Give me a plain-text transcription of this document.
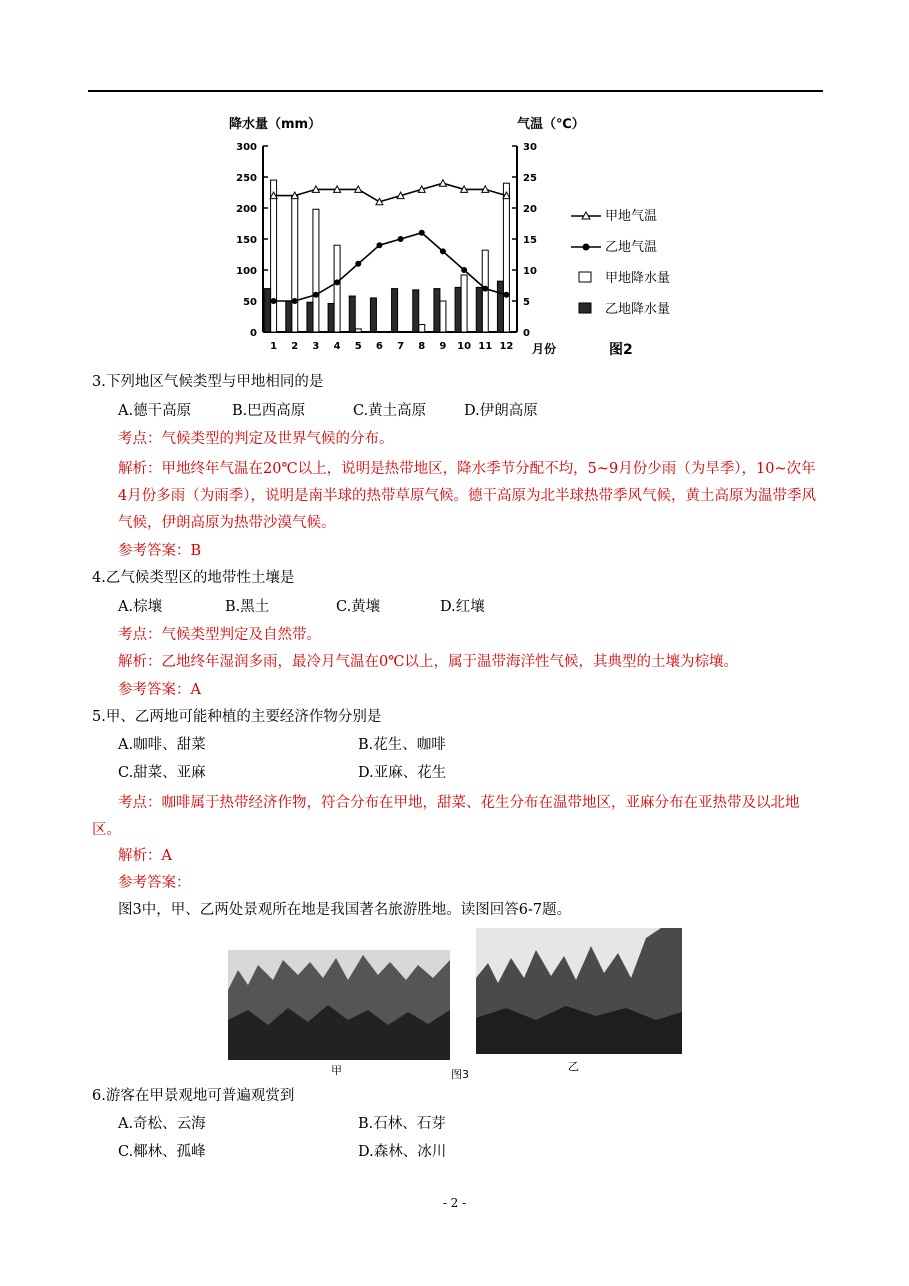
降水量（mm）	气温（℃）
月份	图2
0
50
100
150
200
250
300
0
5
10
15
20
25
30
1 2 3 4 5 6 7 8 9 10 11 12
甲地气温
乙地气温
甲地降水量
乙地降水量
3.下列地区气候类型与甲地相同的是
A.德干高原	B.巴西高原	C.黄土高原	D.伊朗高原
考点：气候类型的判定及世界气候的分布。
解析：甲地终年气温在20℃以上，说明是热带地区，降水季节分配不均，5~9月份少雨（为旱季），10~次年4月份多雨（为雨季），说明是南半球的热带草原气候。德干高原为北半球热带季风气候，黄土高原为温带季风气候，伊朗高原为热带沙漠气候。
参考答案：B
4.乙气候类型区的地带性土壤是
A.棕壤	B.黑土	C.黄壤	D.红壤
考点：气候类型判定及自然带。
解析：乙地终年湿润多雨，最冷月气温在0℃以上，属于温带海洋性气候，其典型的土壤为棕壤。
参考答案：A
5.甲、乙两地可能种植的主要经济作物分别是
A.咖啡、甜菜	B.花生、咖啡
C.甜菜、亚麻	D.亚麻、花生
考点：咖啡属于热带经济作物，符合分布在甲地，甜菜、花生分布在温带地区，亚麻分布在亚热带及以北地区。
解析：A
参考答案：
图3中，甲、乙两处景观所在地是我国著名旅游胜地。读图回答6-7题。
甲	图3
乙
6.游客在甲景观地可普遍观赏到
A.奇松、云海	B.石林、石芽
C.椰林、孤峰	D.森林、冰川
- 2 -
